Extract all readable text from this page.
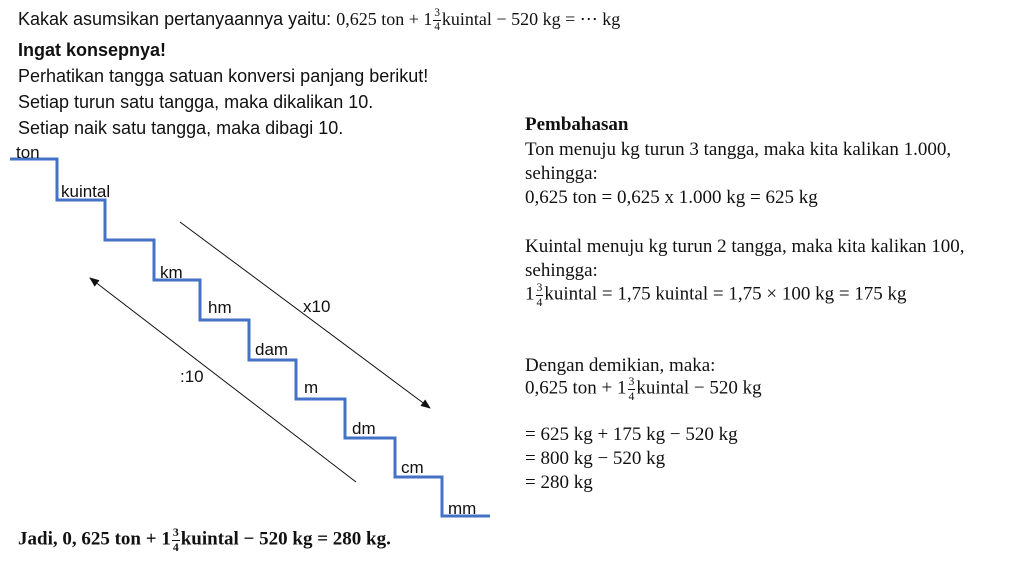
Kakak asumsikan pertanyaannya yaitu: 0,625 ton + $1 \frac{3}{4}$ kuintal − 520 kg = ⋯ kg
Ingat konsepnya!
Perhatikan tangga satuan konversi panjang berikut!
Setiap turun satu tangga, maka dikalikan 10.
Setiap naik satu tangga, maka dibagi 10.
ton
kuintal
km
hm
dam
m
dm
cm
mm
x10
:10
Pembahasan
Ton menuju kg turun 3 tangga, maka kita kalikan 1.000,
sehingga:
0,625 ton = 0,625 x 1.000 kg = 625 kg
Kuintal menuju kg turun 2 tangga, maka kita kalikan 100,
sehingga:
$1 \frac{3}{4}$ kuintal = 1,75 kuintal = 1,75 × 100 kg = 175 kg
Dengan demikian, maka:
0,625 ton + $1 \frac{3}{4}$ kuintal − 520 kg
= 625 kg + 175 kg − 520 kg
= 800 kg − 520 kg
= 280 kg
Jadi, 0, 625 ton + $1 \frac{3}{4}$ kuintal − 520 kg = 280 kg.
